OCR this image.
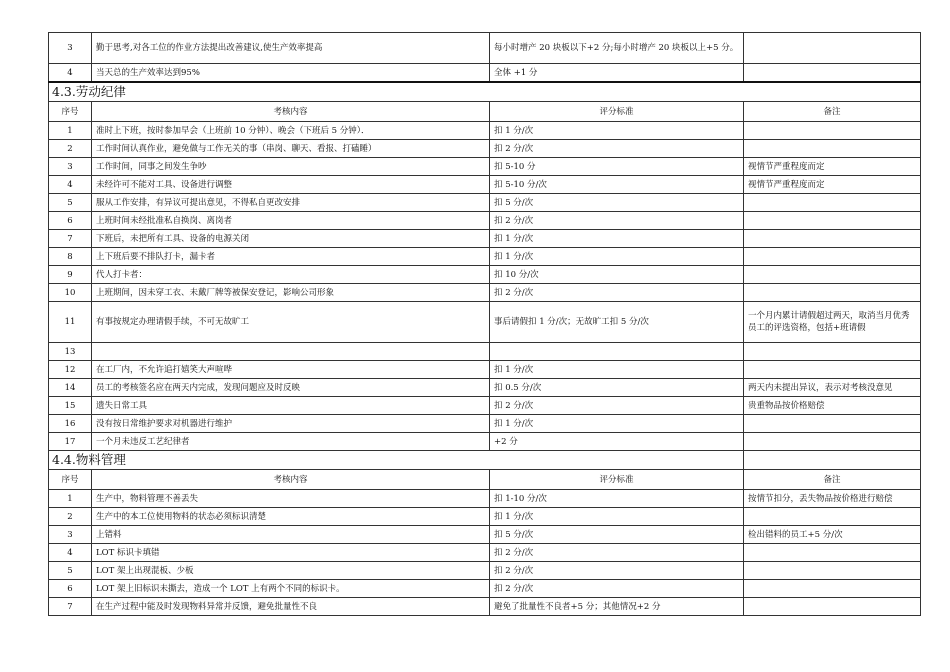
3	勤于思考,对各工位的作业方法提出改善建议,使生产效率提高	每小时增产 20 块板以下+2 分;每小时增产 20 块板以上+5 分。	
4	当天总的生产效率达到95%	全体 +1 分	
4.3.劳动纪律			
序号	考核内容	评分标准	备注
1	准时上下班，按时参加早会（上班前 10 分钟）、晚会（下班后 5 分钟）．	扣 1 分/次	
2	工作时间认真作业，避免做与工作无关的事（串岗、聊天、看报、打磕睡）	扣 2 分/次	
3	工作时间，同事之间发生争吵	扣 5-10 分	视情节严重程度而定
4	未经许可不能对工具、设备进行调整	扣 5-10 分/次	视情节严重程度而定
5	服从工作安排，有异议可提出意见，不得私自更改安排	扣 5 分/次	
6	上班时间未经批准私自换岗、离岗者	扣 2 分/次	
7	下班后，未把所有工具、设备的电源关闭	扣 1 分/次	
8	上下班后要不排队打卡，漏卡者	扣 1 分/次	
9	代人打卡者：	扣 10 分/次	
10	上班期间，因未穿工衣、未戴厂牌等被保安登记，影响公司形象	扣 2 分/次	
11	有事按规定办理请假手续，不可无故旷工	事后请假扣 1 分/次；无故旷工扣 5 分/次	一个月内累计请假超过两天，取消当月优秀员工的评选资格，包括+班请假
13			
12	在工厂内，不允许追打嬉笑大声喧哗	扣 1 分/次	
14	员工的考核签名应在两天内完成，发现问题应及时反映	扣 0.5 分/次	两天内未提出异议，表示对考核没意见
15	遗失日常工具	扣 2 分/次	贵重物品按价格赔偿
16	没有按日常维护要求对机器进行维护	扣 1 分/次	
17	一个月未违反工艺纪律者	+2 分	
4.4.物料管理			
序号	考核内容	评分标准	备注
1	生产中，物料管理不善丢失	扣 1-10 分/次	按情节扣分，丢失物品按价格进行赔偿
2	生产中的本工位使用物料的状态必须标识清楚	扣 1 分/次	
3	上错料	扣 5 分/次	检出错料的员工+5 分/次
4	LOT 标识卡填错	扣 2 分/次	
5	LOT 架上出现混板、少板	扣 2 分/次	
6	LOT 架上旧标识未撕去，造成一个 LOT 上有两个不同的标识卡。	扣 2 分/次	
7	在生产过程中能及时发现物料异常并反馈，避免批量性不良	避免了批量性不良者+5 分；其他情况+2 分	
